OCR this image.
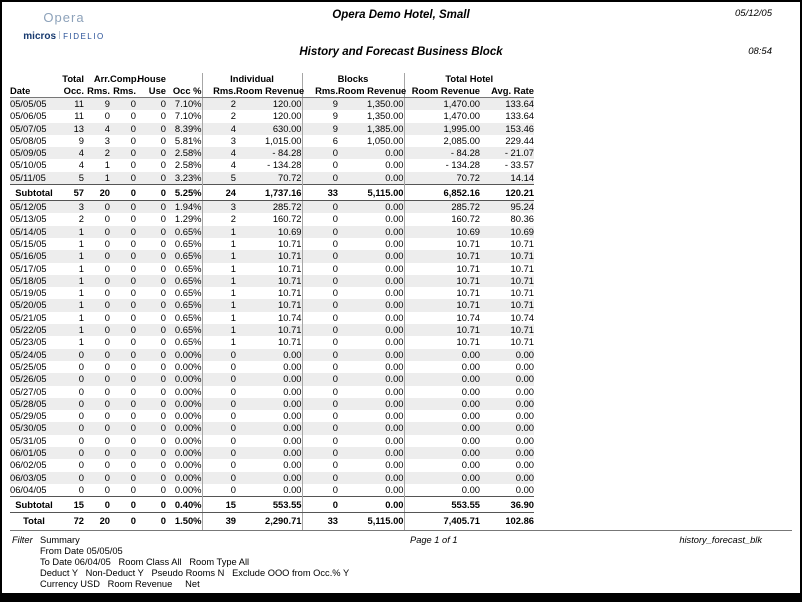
Opera
micros FIDELIO
Opera Demo Hotel, Small	05/12/05
History and Forecast Business Block	08:54
	Total	Arr.	Comp.	House		Individual		Blocks		Total Hotel	
Date	Occ.	Rms.	Rms.	Use	Occ %	Rms.	Room Revenue	Rms.	Room Revenue	Room Revenue	Avg. Rate
05/05/05	11	9	0	0	7.10%	2	120.00	9	1,350.00	1,470.00	133.64
05/06/05	11	0	0	0	7.10%	2	120.00	9	1,350.00	1,470.00	133.64
05/07/05	13	4	0	0	8.39%	4	630.00	9	1,385.00	1,995.00	153.46
05/08/05	9	3	0	0	5.81%	3	1,015.00	6	1,050.00	2,085.00	229.44
05/09/05	4	2	0	0	2.58%	4	- 84.28	0	0.00	- 84.28	- 21.07
05/10/05	4	1	0	0	2.58%	4	- 134.28	0	0.00	- 134.28	- 33.57
05/11/05	5	1	0	0	3.23%	5	70.72	0	0.00	70.72	14.14
Subtotal	57	20	0	0	5.25%	24	1,737.16	33	5,115.00	6,852.16	120.21
05/12/05	3	0	0	0	1.94%	3	285.72	0	0.00	285.72	95.24
05/13/05	2	0	0	0	1.29%	2	160.72	0	0.00	160.72	80.36
05/14/05	1	0	0	0	0.65%	1	10.69	0	0.00	10.69	10.69
05/15/05	1	0	0	0	0.65%	1	10.71	0	0.00	10.71	10.71
05/16/05	1	0	0	0	0.65%	1	10.71	0	0.00	10.71	10.71
05/17/05	1	0	0	0	0.65%	1	10.71	0	0.00	10.71	10.71
05/18/05	1	0	0	0	0.65%	1	10.71	0	0.00	10.71	10.71
05/19/05	1	0	0	0	0.65%	1	10.71	0	0.00	10.71	10.71
05/20/05	1	0	0	0	0.65%	1	10.71	0	0.00	10.71	10.71
05/21/05	1	0	0	0	0.65%	1	10.74	0	0.00	10.74	10.74
05/22/05	1	0	0	0	0.65%	1	10.71	0	0.00	10.71	10.71
05/23/05	1	0	0	0	0.65%	1	10.71	0	0.00	10.71	10.71
05/24/05	0	0	0	0	0.00%	0	0.00	0	0.00	0.00	0.00
05/25/05	0	0	0	0	0.00%	0	0.00	0	0.00	0.00	0.00
05/26/05	0	0	0	0	0.00%	0	0.00	0	0.00	0.00	0.00
05/27/05	0	0	0	0	0.00%	0	0.00	0	0.00	0.00	0.00
05/28/05	0	0	0	0	0.00%	0	0.00	0	0.00	0.00	0.00
05/29/05	0	0	0	0	0.00%	0	0.00	0	0.00	0.00	0.00
05/30/05	0	0	0	0	0.00%	0	0.00	0	0.00	0.00	0.00
05/31/05	0	0	0	0	0.00%	0	0.00	0	0.00	0.00	0.00
06/01/05	0	0	0	0	0.00%	0	0.00	0	0.00	0.00	0.00
06/02/05	0	0	0	0	0.00%	0	0.00	0	0.00	0.00	0.00
06/03/05	0	0	0	0	0.00%	0	0.00	0	0.00	0.00	0.00
06/04/05	0	0	0	0	0.00%	0	0.00	0	0.00	0.00	0.00
Subtotal	15	0	0	0	0.40%	15	553.55	0	0.00	553.55	36.90
Total	72	20	0	0	1.50%	39	2,290.71	33	5,115.00	7,405.71	102.86
Filter Summary
From Date 05/05/05
To Date 06/04/05   Room Class All   Room Type All
Deduct Y   Non-Deduct Y   Pseudo Rooms N   Exclude OOO from Occ.% Y
Currency USD   Room Revenue     Net
Page 1 of 1	history_forecast_blk
